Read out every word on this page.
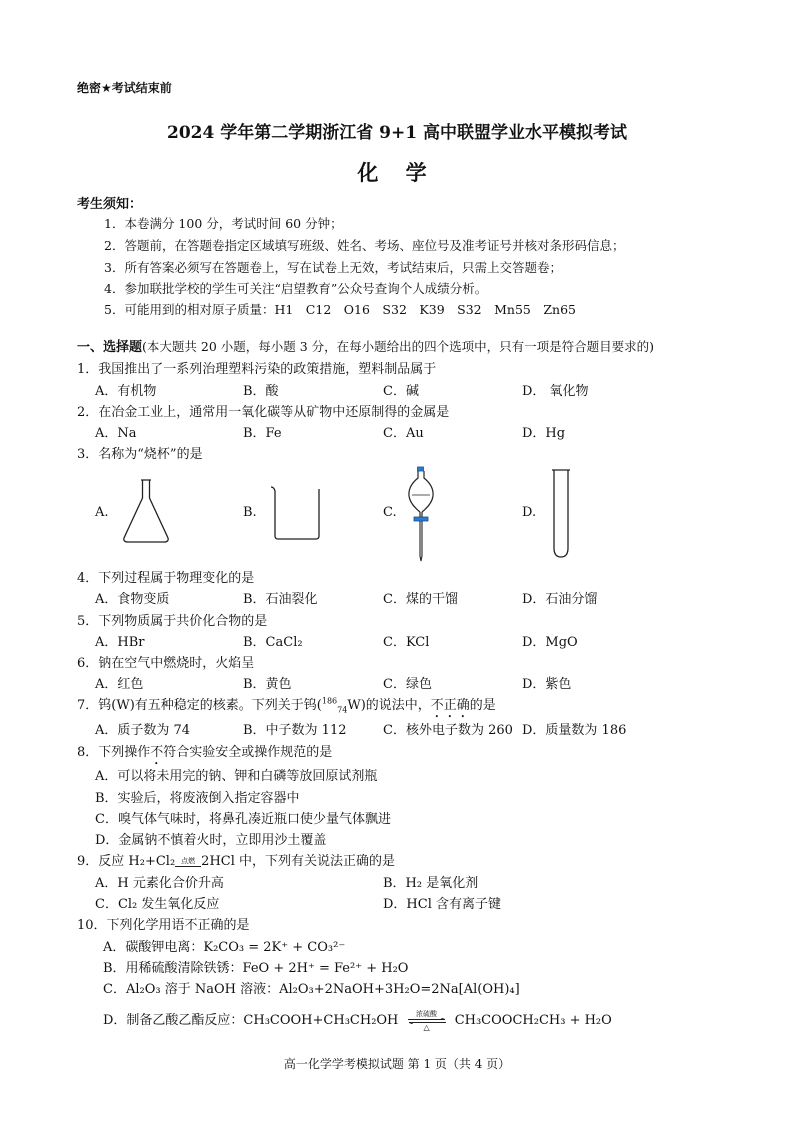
绝密★考试结束前
2024 学年第二学期浙江省 9+1 高中联盟学业水平模拟考试
化 学
考生须知：
1．本卷满分 100 分，考试时间 60 分钟；
2．答题前，在答题卷指定区域填写班级、姓名、考场、座位号及准考证号并核对条形码信息；
3．所有答案必须写在答题卷上，写在试卷上无效，考试结束后，只需上交答题卷；
4．参加联批学校的学生可关注“启望教育”公众号查询个人成绩分析。
5．可能用到的相对原子质量：H1　C12　O16　S32　K39　S32　Mn55　Zn65
一、选择题(本大题共 20 小题，每小题 3 分，在每小题给出的四个选项中，只有一项是符合题目要求的)
1．我国推出了一系列治理塑料污染的政策措施，塑料制品属于
A．有机物	B．酸	C．碱	D． 氧化物
2．在冶金工业上，通常用一氧化碳等从矿物中还原制得的金属是
A．Na	B．Fe	C．Au	D．Hg
3．名称为“烧杯”的是
A.	B.	C.	D.
4．下列过程属于物理变化的是
A．食物变质	B．石油裂化	C．煤的干馏	D．石油分馏
5．下列物质属于共价化合物的是
A．HBr	B．CaCl₂	C．KCl	D．MgO
6．钠在空气中燃烧时，火焰呈
A．红色	B．黄色	C．绿色	D．紫色
7．钨(W)有五种稳定的核素。下列关于钨($^{186}_{74}$W)的说法中，不正确的是
A．质子数为 74	B．中子数为 112	C．核外电子数为 260 D．质量数为 186
8．下列操作不符合实验安全或操作规范的是
A．可以将未用完的钠、钾和白磷等放回原试剂瓶
B．实验后，将废液倒入指定容器中
C．嗅气体气味时，将鼻孔凑近瓶口使少量气体飘进
D．金属钠不慎着火时，立即用沙土覆盖
9．反应 H₂+Cl₂ 点燃 2HCl 中，下列有关说法正确的是
A．H 元素化合价升高	B．H₂ 是氧化剂
C．Cl₂ 发生氧化反应	D．HCl 含有离子键
10．下列化学用语不正确的是
A．碳酸钾电离：K₂CO₃ = 2K⁺ + CO₃²⁻
B．用稀硫酸清除铁锈：FeO + 2H⁺ = Fe²⁺ + H₂O
C．Al₂O₃ 溶于 NaOH 溶液：Al₂O₃+2NaOH+3H₂O=2Na[Al(OH)₄]
D．制备乙酸乙酯反应：CH₃COOH+CH₃CH₂OH	浓硫酸
△	CH₃COOCH₂CH₃ + H₂O
高一化学学考模拟试题 第 1 页（共 4 页）
